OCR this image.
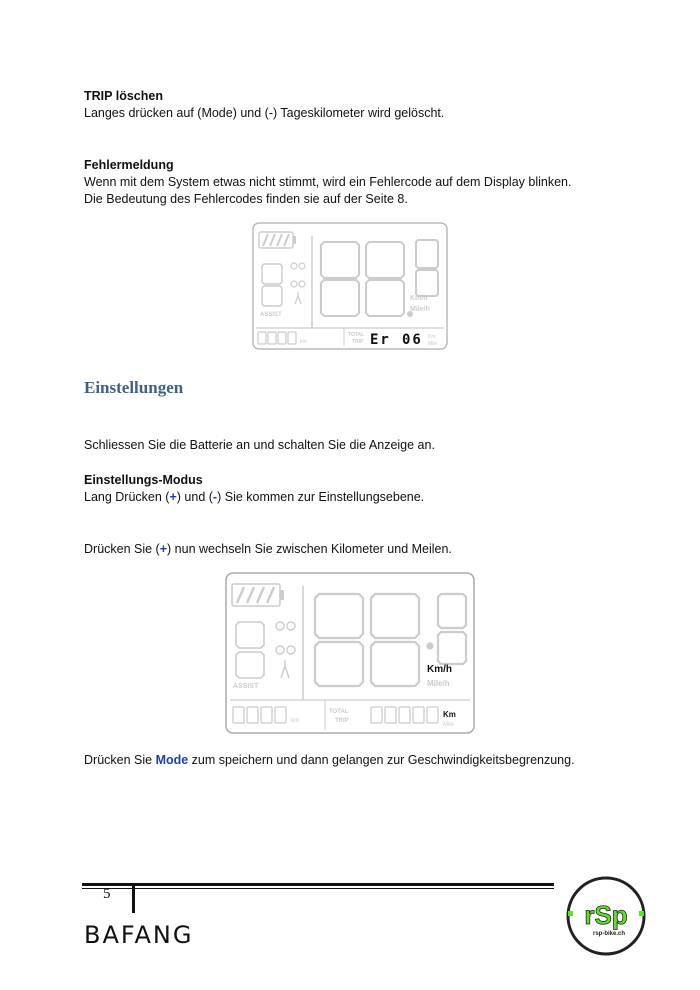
TRIP löschen
Langes drücken auf (Mode) und (-) Tageskilometer wird gelöscht.
Fehlermeldung
Wenn mit dem System etwas nicht stimmt, wird ein Fehlercode auf dem Display blinken.
Die Bedeutung des Fehlercodes finden sie auf der Seite 8.
ASSIST
Km/h
Mile/h
km
TOTAL
TRIP Er 06 Km
Mile
Einstellungen
Schliessen Sie die Batterie an und schalten Sie die Anzeige an.
Einstellungs-Modus
Lang Drücken (+) und (-) Sie kommen zur Einstellungsebene.
Drücken Sie (+) nun wechseln Sie zwischen Kilometer und Meilen.
ASSIST
Km/h
Mile/h
km
TOTAL
TRIP
Km
Mile
Drücken Sie Mode zum speichern und dann gelangen zur Geschwindigkeitsbegrenzung.
5
BAFANG
rSp
rsp-bike.ch
